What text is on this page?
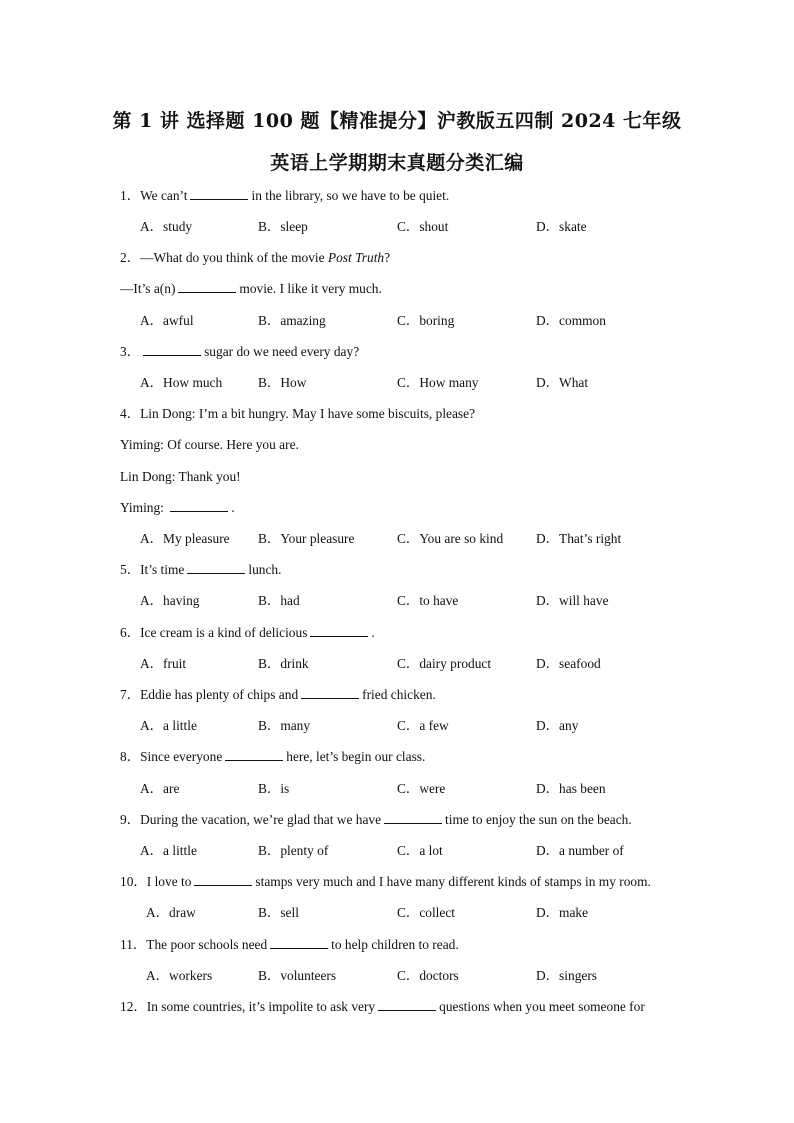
第 1 讲 选择题 100 题【精准提分】沪教版五四制 2024 七年级
英语上学期期末真题分类汇编
1．We can’t	in the library, so we have to be quiet.
A．study	B．sleep	C．shout	D．skate
2．—What do you think of the movie Post Truth?
—It’s a(n)	movie. I like it very much.
A．awful	B．amazing	C．boring	D．common
3．	sugar do we need every day?
A．How much	B．How	C．How many	D．What
4．Lin Dong: I’m a bit hungry. May I have some biscuits, please?
Yiming: Of course. Here you are.
Lin Dong: Thank you!
Yiming:	.
A．My pleasure B．Your pleasure	C．You are so kind D．That’s right
5．It’s time	lunch.
A．having	B．had	C．to have	D．will have
6．Ice cream is a kind of delicious	.
A．fruit	B．drink	C．dairy product	D．seafood
7．Eddie has plenty of chips and	fried chicken.
A．a little	B．many	C．a few	D．any
8．Since everyone	here, let’s begin our class.
A．are	B．is	C．were	D．has been
9．During the vacation, we’re glad that we have	time to enjoy the sun on the beach.
A．a little	B．plenty of	C．a lot	D．a number of
10．I love to	stamps very much and I have many different kinds of stamps in my room.
A．draw	B．sell	C．collect	D．make
11．The poor schools need	to help children to read.
A．workers	B．volunteers	C．doctors	D．singers
12．In some countries, it’s impolite to ask very	questions when you meet someone for
